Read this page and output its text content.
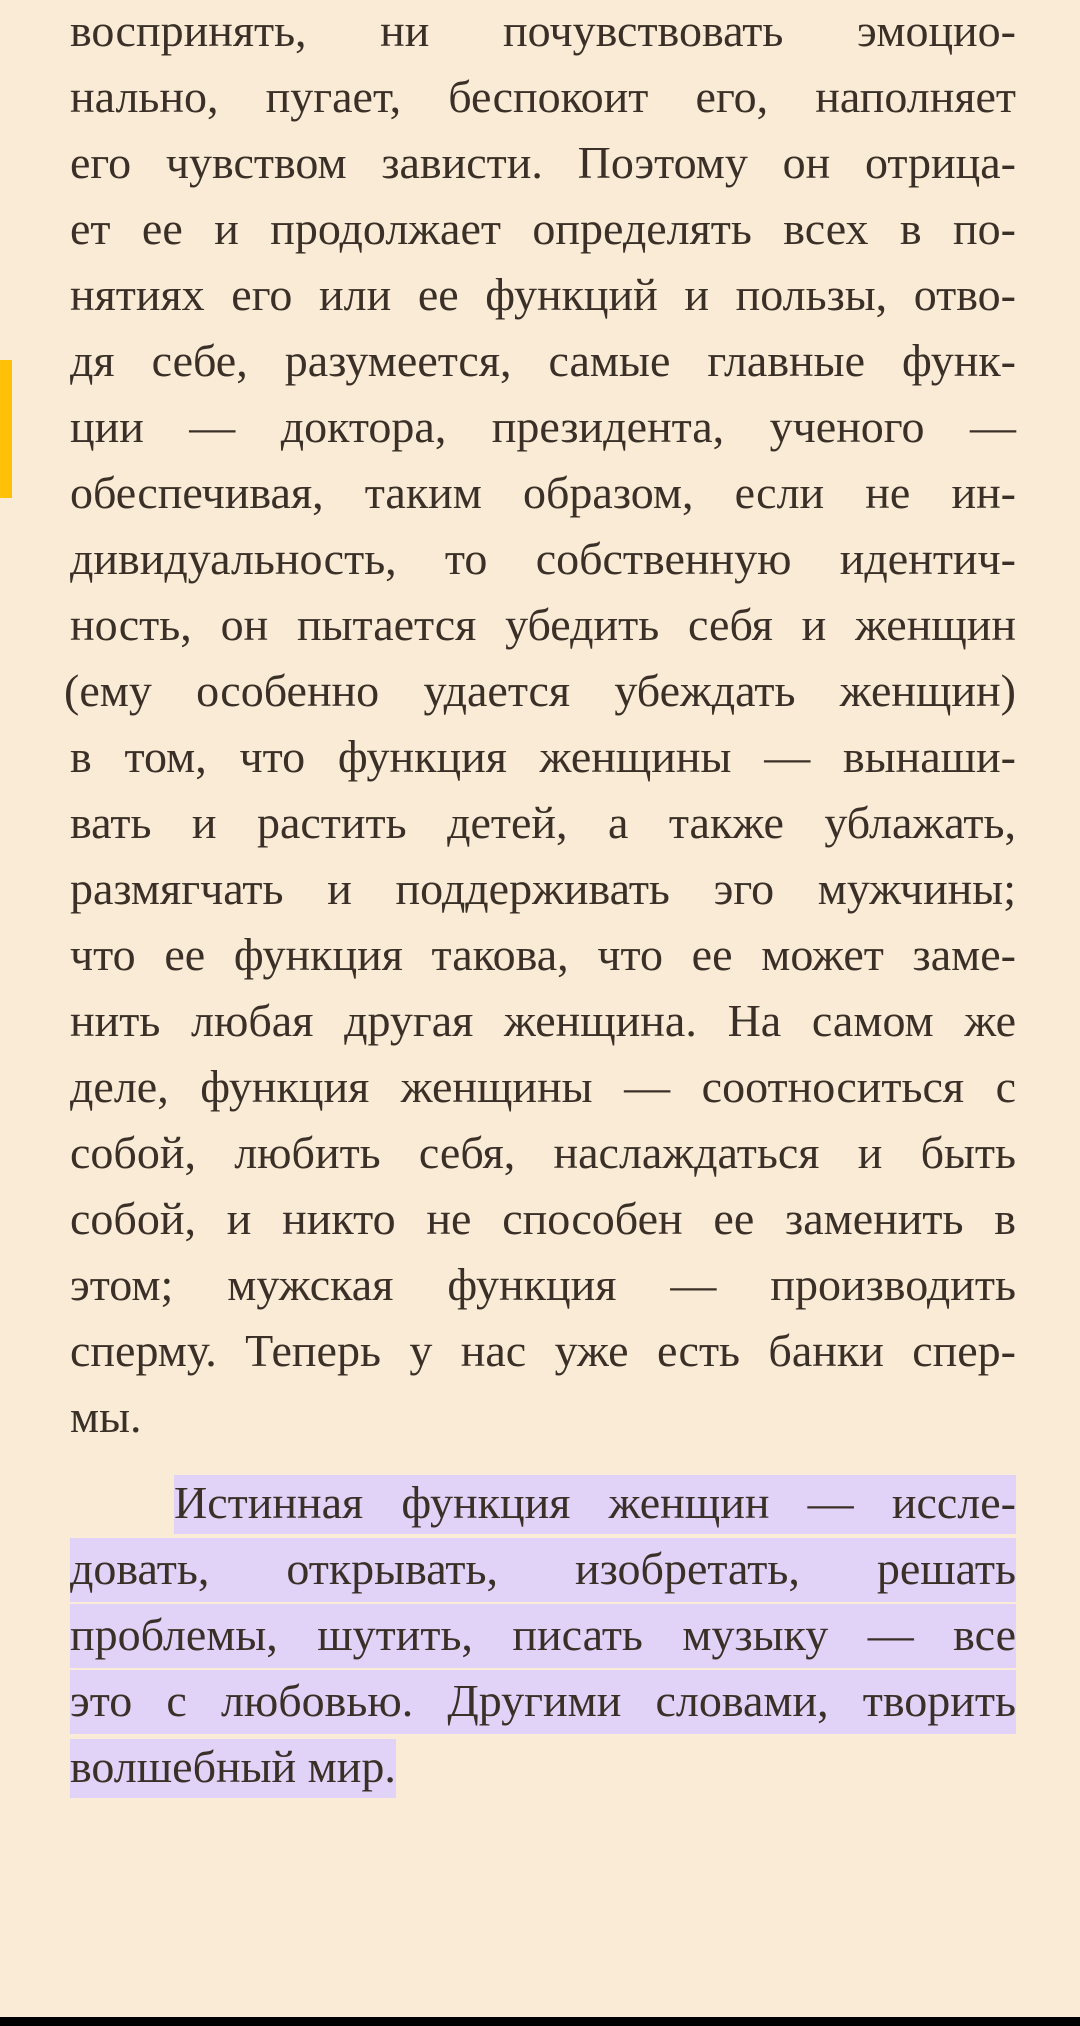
воспринять, ни почувствовать эмоцио-
нально, пугает, беспокоит его, наполняет
его чувством зависти. Поэтому он отрица-
ет ее и продолжает определять всех в по-
нятиях его или ее функций и пользы, отво-
дя себе, разумеется, самые главные функ-
ции — доктора, президента, ученого —
обеспечивая, таким образом, если не ин-
дивидуальность, то собственную идентич-
ность, он пытается убедить себя и женщин
(ему особенно удается убеждать женщин)
в том, что функция женщины — вынаши-
вать и растить детей, а также ублажать,
размягчать и поддерживать эго мужчины;
что ее функция такова, что ее может заме-
нить любая другая женщина. На самом же
деле, функция женщины — соотноситься с
собой, любить себя, наслаждаться и быть
собой, и никто не способен ее заменить в
этом; мужская функция — производить
сперму. Теперь у нас уже есть банки спер-
мы.
Истинная функция женщин — иссле-
довать, открывать, изобретать, решать
проблемы, шутить, писать музыку — все
это с любовью. Другими словами, творить
волшебный мир.
